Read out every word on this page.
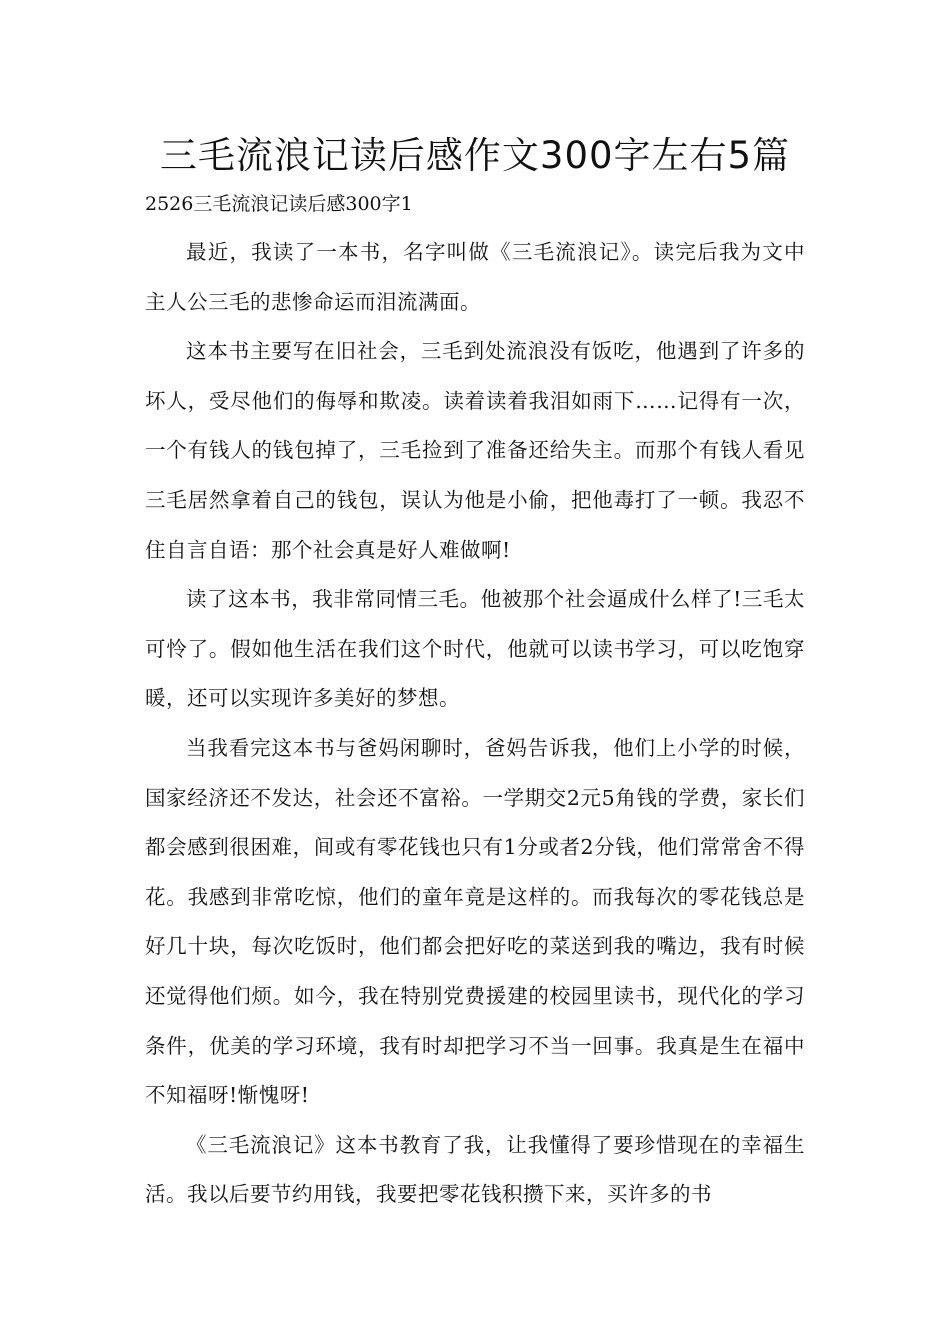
三毛流浪记读后感作文300字左右5篇
2526三毛流浪记读后感300字1

最近，我读了一本书，名字叫做《三毛流浪记》。读完后我为文中主人公三毛的悲惨命运而泪流满面。

这本书主要写在旧社会，三毛到处流浪没有饭吃，他遇到了许多的坏人，受尽他们的侮辱和欺凌。读着读着我泪如雨下……记得有一次，一个有钱人的钱包掉了，三毛捡到了准备还给失主。而那个有钱人看见三毛居然拿着自己的钱包，误认为他是小偷，把他毒打了一顿。我忍不住自言自语：那个社会真是好人难做啊!

读了这本书，我非常同情三毛。他被那个社会逼成什么样了!三毛太可怜了。假如他生活在我们这个时代，他就可以读书学习，可以吃饱穿暖，还可以实现许多美好的梦想。

当我看完这本书与爸妈闲聊时，爸妈告诉我，他们上小学的时候，国家经济还不发达，社会还不富裕。一学期交2元5角钱的学费，家长们都会感到很困难，间或有零花钱也只有1分或者2分钱，他们常常舍不得花。我感到非常吃惊，他们的童年竟是这样的。而我每次的零花钱总是好几十块，每次吃饭时，他们都会把好吃的菜送到我的嘴边，我有时候还觉得他们烦。如今，我在特别党费援建的校园里读书，现代化的学习条件，优美的学习环境，我有时却把学习不当一回事。我真是生在福中不知福呀!惭愧呀!

《三毛流浪记》这本书教育了我，让我懂得了要珍惜现在的幸福生活。我以后要节约用钱，我要把零花钱积攒下来，买许多的书
